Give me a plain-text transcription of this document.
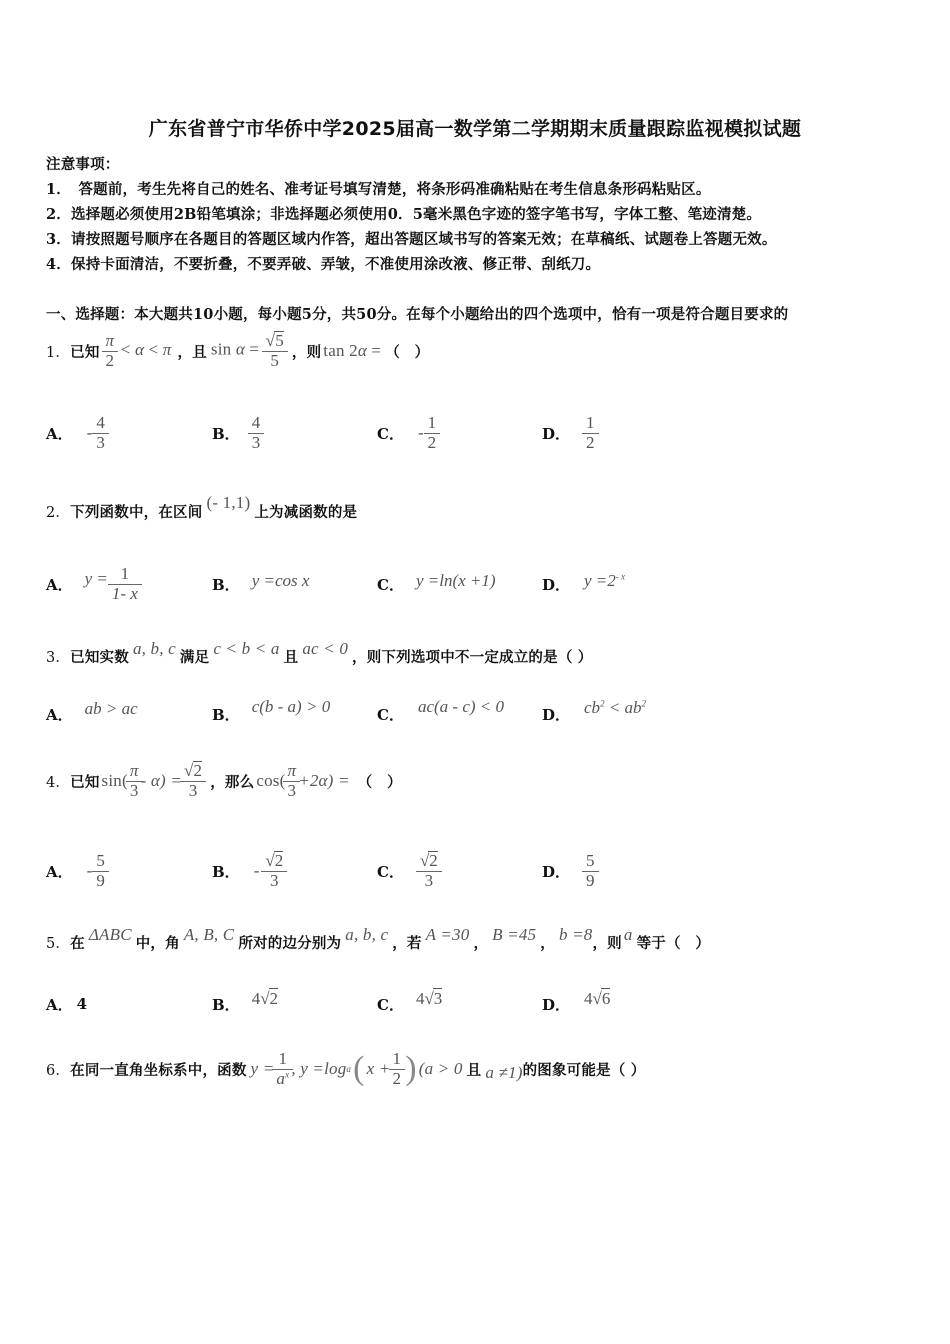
广东省普宁市华侨中学2025届高一数学第二学期期末质量跟踪监视模拟试题
注意事项：
1．　答题前，考生先将自己的姓名、准考证号填写清楚，将条形码准确粘贴在考生信息条形码粘贴区。
2．选择题必须使用2B铅笔填涂；非选择题必须使用0．5毫米黑色字迹的签字笔书写，字体工整、笔迹清楚。
3．请按照题号顺序在各题目的答题区域内作答，超出答题区域书写的答案无效；在草稿纸、试题卷上答题无效。
4．保持卡面清洁，不要折叠，不要弄破、弄皱，不准使用涂改液、修正带、刮纸刀。
一、选择题：本大题共10小题，每小题5分，共50分。在每个小题给出的四个选项中，恰有一项是符合题目要求的
1． 已知 $\frac{\pi}{2} < \alpha < \pi$ ，且 $\sin \alpha = \frac{√5}{5}$ ，则 tan 2α = （　）
A． - $\frac{4}{3}$	B． $\frac{4}{3}$	C． - $\frac{1}{2}$	D． $\frac{1}{2}$
2． 下列函数中，在区间 (- 1,1) 上为减函数的是
A． $y = \frac{1}{1- x}$	B． y =cos x	C． y =ln(x +1)	D． $y =2^{- x}$
3． 已知实数 a, b, c 满足 c < b < a 且 ac < 0 ，则下列选项中不一定成立的是（ ）
A． ab > ac	B． c(b - a) > 0	C． ac(a - c) < 0	D． $cb^2 < ab^2$
4． 已知 $\sin( \frac{\pi}{3} - \alpha) = \frac{√2}{3}$ ，那么 $\cos( \frac{\pi}{3} +2\alpha)$ = （　）
A． - $\frac{5}{9}$	B． - $\frac{√2}{3}$	C． $\frac{√2}{3}$	D． $\frac{5}{9}$
5． 在 ΔABC 中，角 A, B, C 所对的边分别为 a, b, c ，若 A =30 ， B =45 ， b =8 ，则 a 等于（　）
A． 4	B． 4√2	C． 4√3	D． 4√6
6． 在同一直角坐标系中，函数 $y = \frac{1}{a^x}$ , y =log a ( $x + \frac{1}{2}$ ) (a > 0 且 a ≠1) 的图象可能是（ ）
